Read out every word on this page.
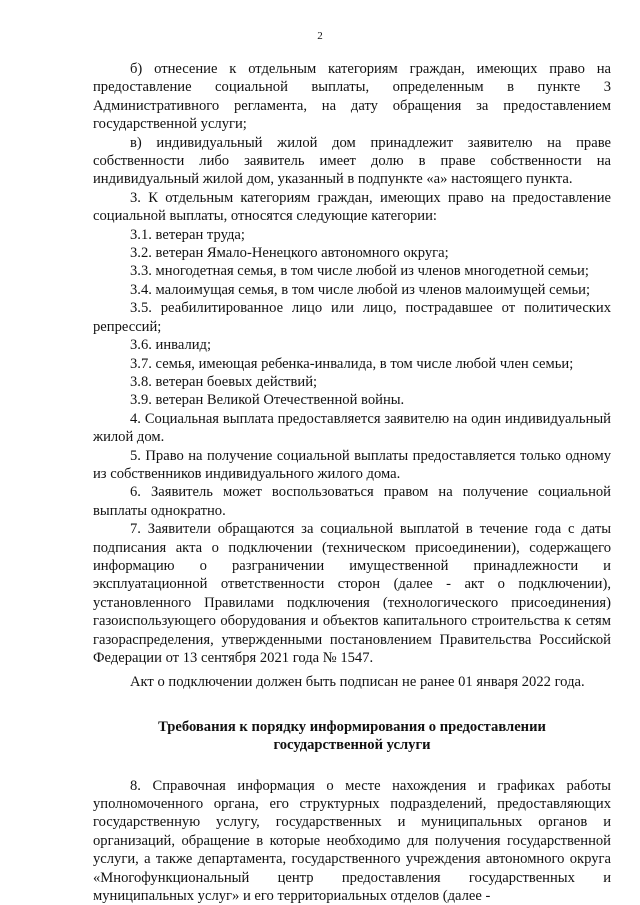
2

б) отнесение к отдельным категориям граждан, имеющих право на предоставление социальной выплаты, определенным в пункте 3 Административного регламента, на дату обращения за предоставлением государственной услуги;

в) индивидуальный жилой дом принадлежит заявителю на праве собственности либо заявитель имеет долю в праве собственности на индивидуальный жилой дом, указанный в подпункте «а» настоящего пункта.

3. К отдельным категориям граждан, имеющих право на предоставление социальной выплаты, относятся следующие категории:

3.1. ветеран труда;

3.2. ветеран Ямало-Ненецкого автономного округа;

3.3. многодетная семья, в том числе любой из членов многодетной семьи;

3.4. малоимущая семья, в том числе любой из членов малоимущей семьи;

3.5. реабилитированное лицо или лицо, пострадавшее от политических репрессий;

3.6. инвалид;

3.7. семья, имеющая ребенка-инвалида, в том числе любой член семьи;

3.8. ветеран боевых действий;

3.9. ветеран Великой Отечественной войны.

4. Социальная выплата предоставляется заявителю на один индивидуальный жилой дом.

5. Право на получение социальной выплаты предоставляется только одному из собственников индивидуального жилого дома.

6. Заявитель может воспользоваться правом на получение социальной выплаты однократно.

7. Заявители обращаются за социальной выплатой в течение года с даты подписания акта о подключении (техническом присоединении), содержащего информацию о разграничении имущественной принадлежности и эксплуатационной ответственности сторон (далее - акт о подключении), установленного Правилами подключения (технологического присоединения) газоиспользующего оборудования и объектов капитального строительства к сетям газораспределения, утвержденными постановлением Правительства Российской Федерации от 13 сентября 2021 года № 1547.

Акт о подключении должен быть подписан не ранее 01 января 2022 года.

Требования к порядку информирования о предоставлении
государственной услуги

8. Справочная информация о месте нахождения и графиках работы уполномоченного органа, его структурных подразделений, предоставляющих государственную услугу, государственных и муниципальных органов и организаций, обращение в которые необходимо для получения государственной услуги, а также департамента, государственного учреждения автономного округа «Многофункциональный центр предоставления государственных и муниципальных услуг» и его территориальных отделов (далее -
